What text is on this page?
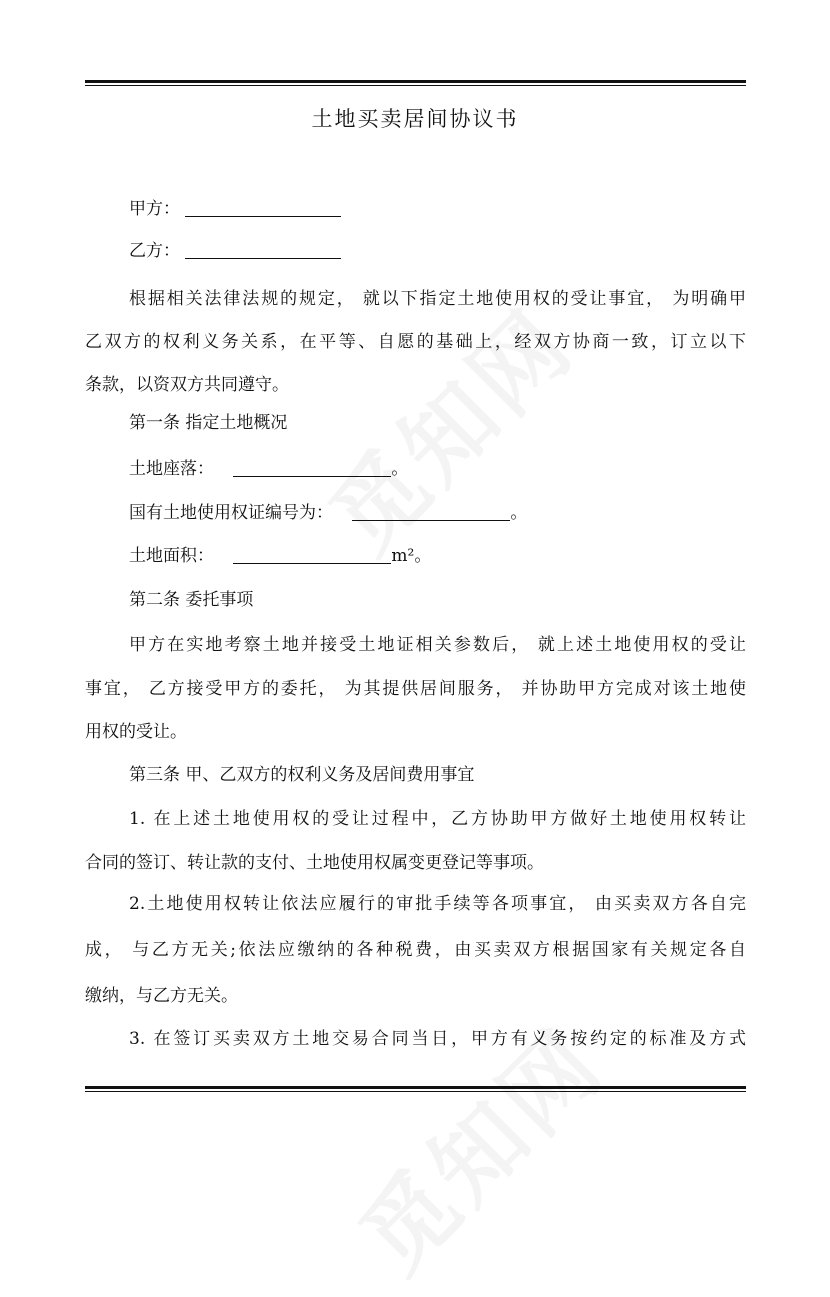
土地买卖居间协议书
甲方：
乙方：
根据相关法律法规的规定， 就以下指定土地使用权的受让事宜， 为明确甲
乙双方的权利义务关系，在平等、自愿的基础上，经双方协商一致，订立以下
条款，以资双方共同遵守。
第一条 指定土地概况
土地座落：	。
国有土地使用权证编号为：	。
土地面积：	m²。
第二条 委托事项
甲方在实地考察土地并接受土地证相关参数后， 就上述土地使用权的受让
事宜， 乙方接受甲方的委托， 为其提供居间服务， 并协助甲方完成对该土地使
用权的受让。
第三条 甲、乙双方的权利义务及居间费用事宜
1. 在上述土地使用权的受让过程中，乙方协助甲方做好土地使用权转让
合同的签订、转让款的支付、土地使用权属变更登记等事项。
2.土地使用权转让依法应履行的审批手续等各项事宜， 由买卖双方各自完
成， 与乙方无关;依法应缴纳的各种税费，由买卖双方根据国家有关规定各自
缴纳，与乙方无关。
3. 在签订买卖双方土地交易合同当日，甲方有义务按约定的标准及方式
